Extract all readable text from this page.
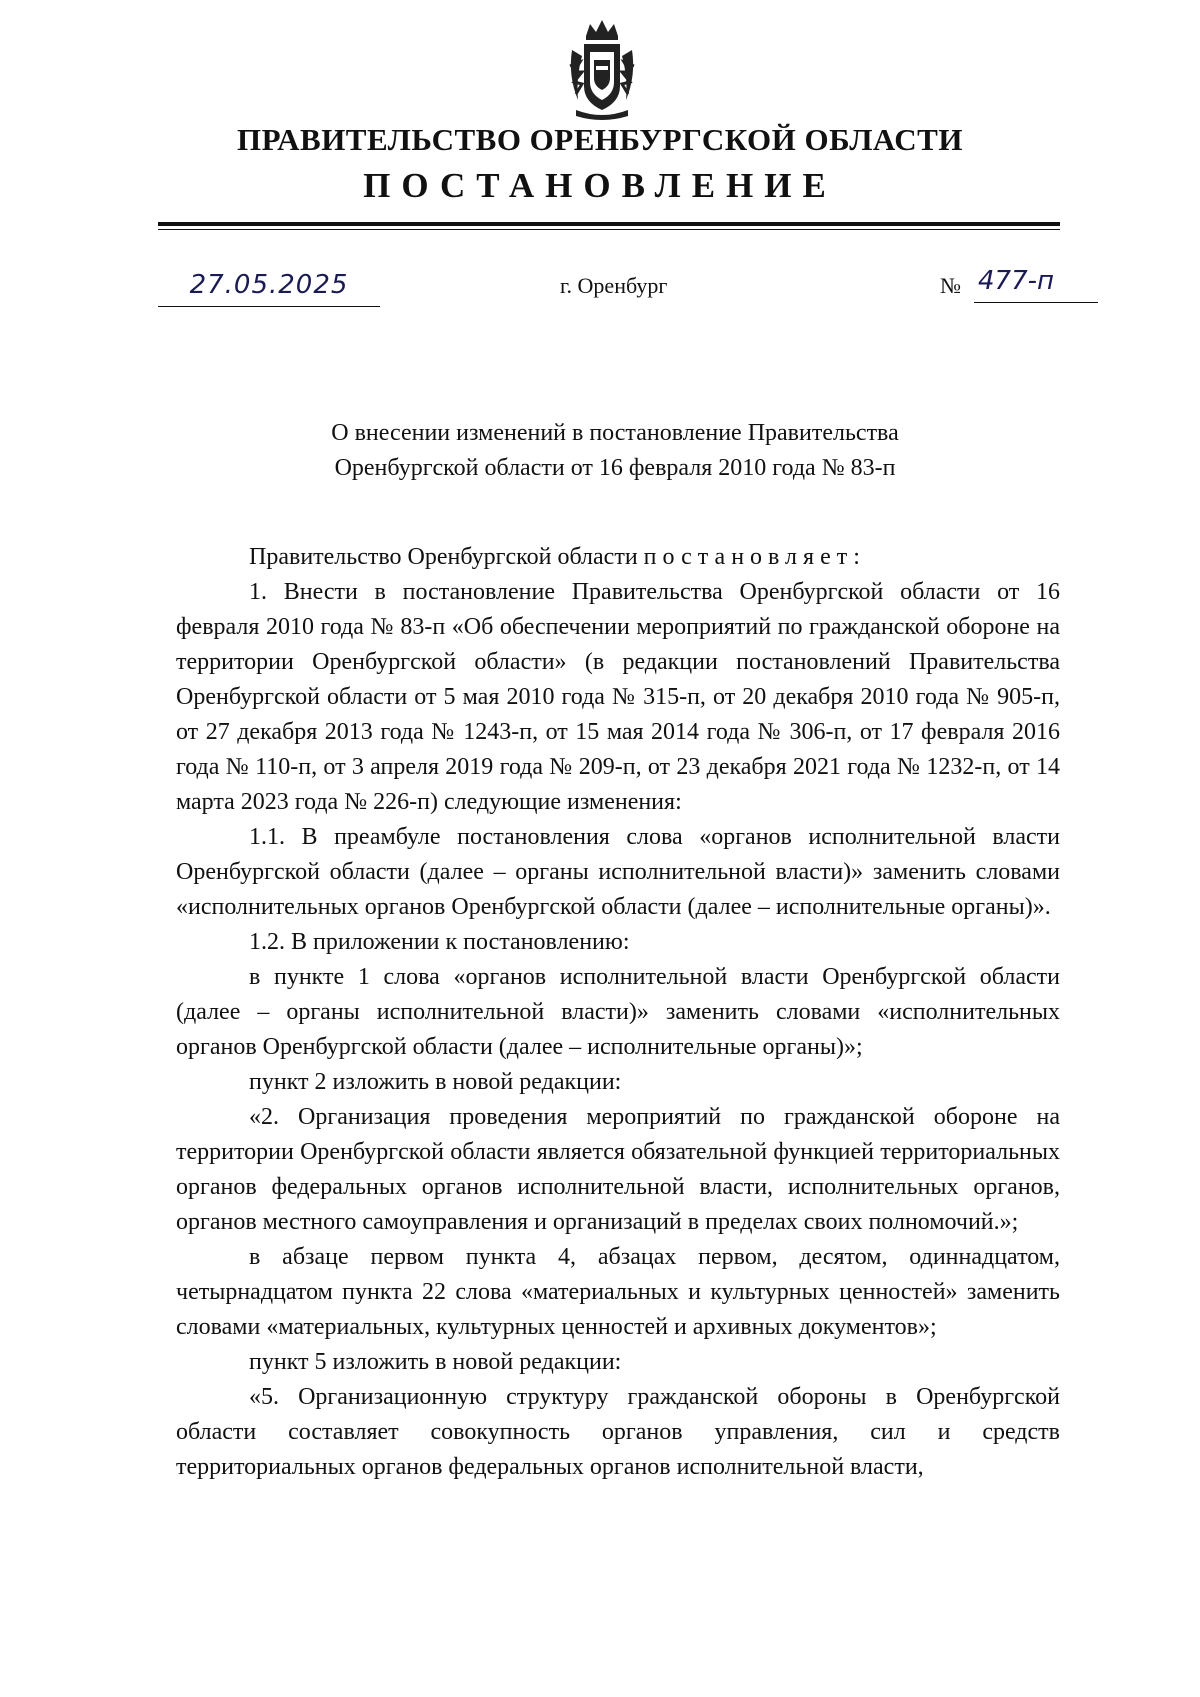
ПРАВИТЕЛЬСТВО ОРЕНБУРГСКОЙ ОБЛАСТИ
ПОСТАНОВЛЕНИЕ
27.05.2025	г. Оренбург	№ 477-п
О внесении изменений в постановление Правительства
Оренбургской области от 16 февраля 2010 года № 83-п

Правительство Оренбургской области постановляет:

1. Внести в постановление Правительства Оренбургской области от 16 февраля 2010 года № 83-п «Об обеспечении мероприятий по гражданской обороне на территории Оренбургской области» (в редакции постановлений Правительства Оренбургской области от 5 мая 2010 года № 315-п, от 20 декабря 2010 года № 905-п, от 27 декабря 2013 года № 1243-п, от 15 мая 2014 года № 306-п, от 17 февраля 2016 года № 110-п, от 3 апреля 2019 года № 209-п, от 23 декабря 2021 года № 1232-п, от 14 марта 2023 года № 226-п) следующие изменения:

1.1. В преамбуле постановления слова «органов исполнительной власти Оренбургской области (далее – органы исполнительной власти)» заменить словами «исполнительных органов Оренбургской области (далее – исполнительные органы)».

1.2. В приложении к постановлению:

в пункте 1 слова «органов исполнительной власти Оренбургской области (далее – органы исполнительной власти)» заменить словами «исполнительных органов Оренбургской области (далее – исполнительные органы)»;

пункт 2 изложить в новой редакции:

«2. Организация проведения мероприятий по гражданской обороне на территории Оренбургской области является обязательной функцией территориальных органов федеральных органов исполнительной власти, исполнительных органов, органов местного самоуправления и организаций в пределах своих полномочий.»;

в абзаце первом пункта 4, абзацах первом, десятом, одиннадцатом, четырнадцатом пункта 22 слова «материальных и культурных ценностей» заменить словами «материальных, культурных ценностей и архивных документов»;

пункт 5 изложить в новой редакции:

«5. Организационную структуру гражданской обороны в Оренбургской области составляет совокупность органов управления, сил и средств территориальных органов федеральных органов исполнительной власти,
